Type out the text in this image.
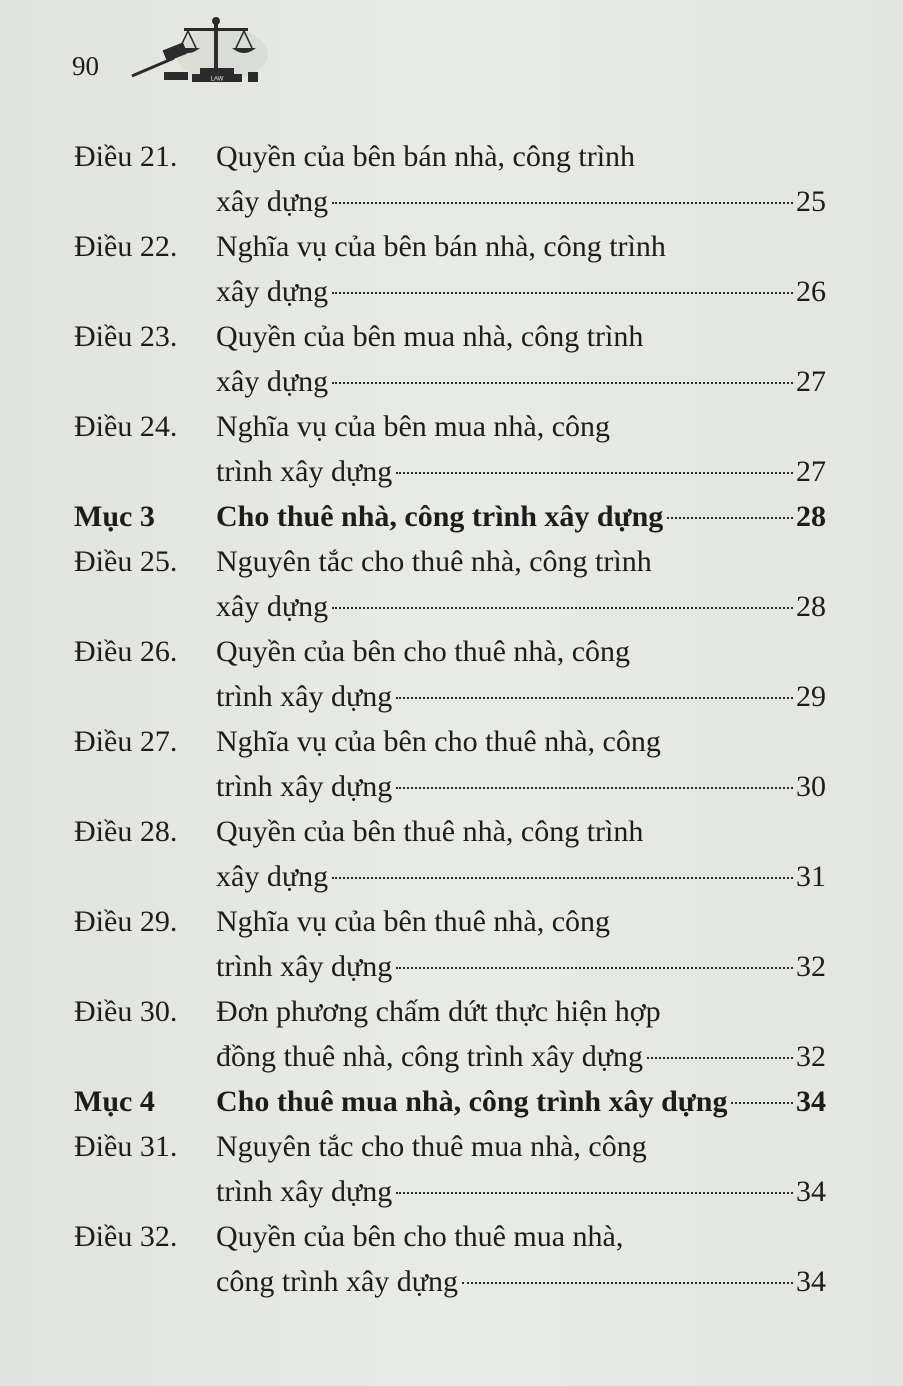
90	LAW
Điều 21.	Quyền của bên bán nhà, công trình
xây dựng	25
Điều 22.	Nghĩa vụ của bên bán nhà, công trình
xây dựng	26
Điều 23.	Quyền của bên mua nhà, công trình
xây dựng	27
Điều 24.	Nghĩa vụ của bên mua nhà, công
trình xây dựng	27
Mục 3	Cho thuê nhà, công trình xây dựng	28
Điều 25.	Nguyên tắc cho thuê nhà, công trình
xây dựng	28
Điều 26.	Quyền của bên cho thuê nhà, công
trình xây dựng	29
Điều 27.	Nghĩa vụ của bên cho thuê nhà, công
trình xây dựng	30
Điều 28.	Quyền của bên thuê nhà, công trình
xây dựng	31
Điều 29.	Nghĩa vụ của bên thuê nhà, công
trình xây dựng	32
Điều 30.	Đơn phương chấm dứt thực hiện hợp
đồng thuê nhà, công trình xây dựng	32
Mục 4	Cho thuê mua nhà, công trình xây dựng 34
Điều 31.	Nguyên tắc cho thuê mua nhà, công
trình xây dựng	34
Điều 32.	Quyền của bên cho thuê mua nhà,
công trình xây dựng	34
